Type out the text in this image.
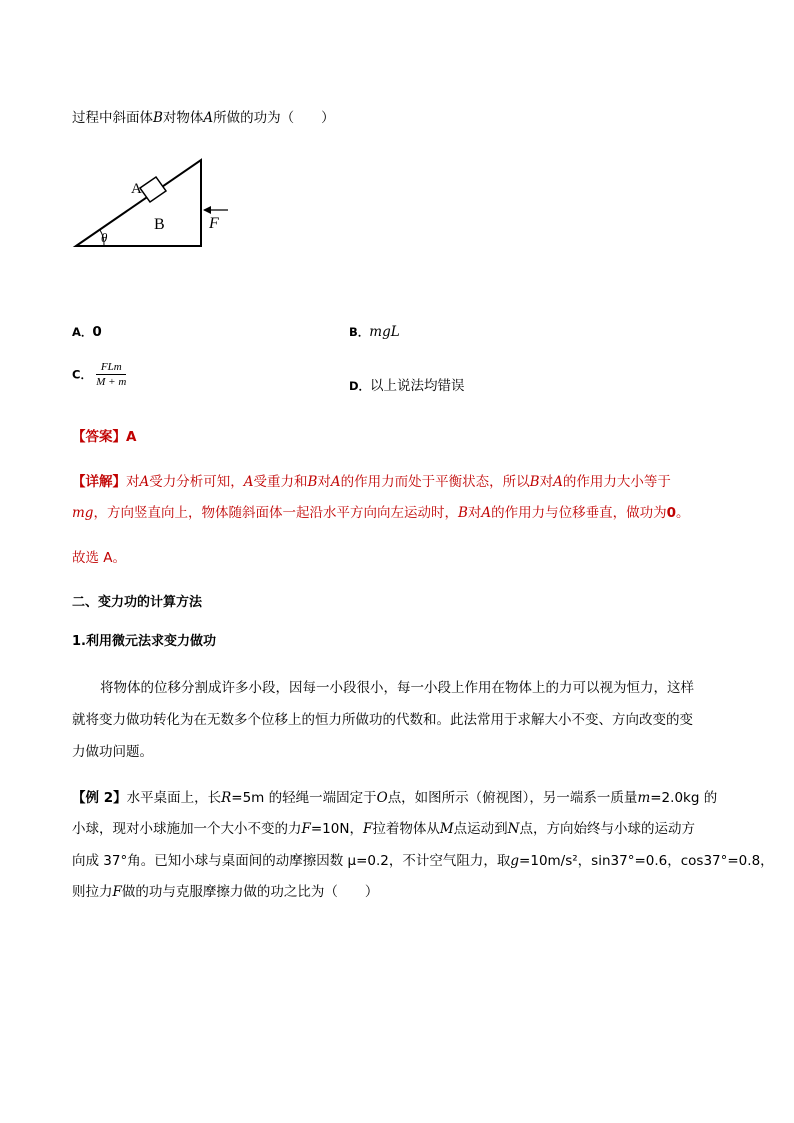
过程中斜面体B对物体A所做的功为（　　）
A
B	F
θ
A．0	B．mgL
C． $\frac{\text{FLm}}{M + m}$	D．以上说法均错误
【答案】A
【详解】对A受力分析可知，A受重力和B对A的作用力而处于平衡状态，所以B对A的作用力大小等于
mg，方向竖直向上，物体随斜面体一起沿水平方向向左运动时，B对A的作用力与位移垂直，做功为0。
故选 A。
二、变力功的计算方法
1.利用微元法求变力做功
将物体的位移分割成许多小段，因每一小段很小，每一小段上作用在物体上的力可以视为恒力，这样
就将变力做功转化为在无数多个位移上的恒力所做功的代数和。此法常用于求解大小不变、方向改变的变
力做功问题。
【例 2】水平桌面上，长R=5m 的轻绳一端固定于O点，如图所示（俯视图），另一端系一质量m=2.0kg 的
小球，现对小球施加一个大小不变的力F=10N，F拉着物体从M点运动到N点，方向始终与小球的运动方
向成 37°角。已知小球与桌面间的动摩擦因数 μ=0.2，不计空气阻力，取g=10m/s²，sin37°=0.6，cos37°=0.8，
则拉力F做的功与克服摩擦力做的功之比为（　　）
